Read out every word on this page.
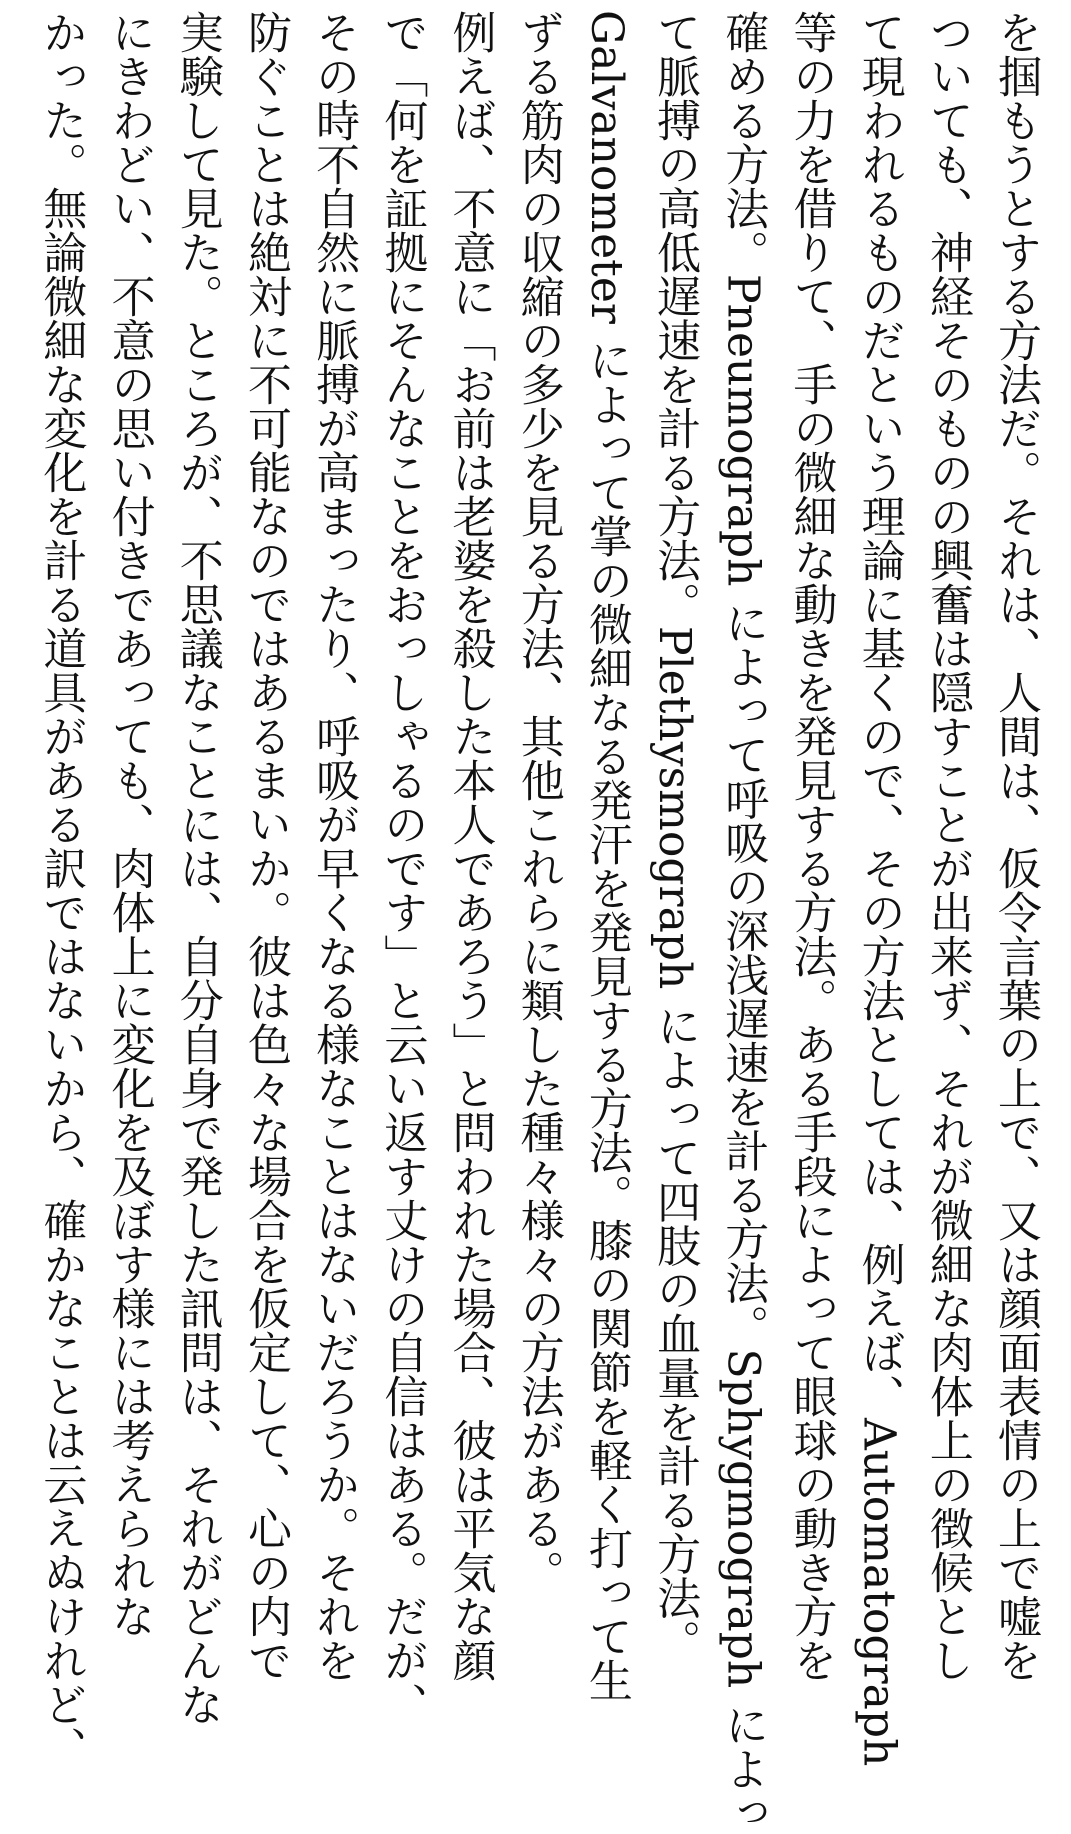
を掴もうとする方法だ。それは、人間は、仮令言葉の上で、又は顔面表情の上で嘘を
ついても、神経そのものの興奮は隠すことが出来ず、それが微細な肉体上の徴候とし
て現われるものだという理論に基くので、その方法としては、例えば、Automatograph
等の力を借りて、手の微細な動きを発見する方法。ある手段によって眼球の動き方を
確める方法。Pneumograph によって呼吸の深浅遅速を計る方法。Sphygmograph によっ
て脈搏の高低遅速を計る方法。Plethysmograph によって四肢の血量を計る方法。
Galvanometer によって掌の微細なる発汗を発見する方法。膝の関節を軽く打って生
ずる筋肉の収縮の多少を見る方法、其他これらに類した種々様々の方法がある。
例えば、不意に「お前は老婆を殺した本人であろう」と問われた場合、彼は平気な顔
で「何を証拠にそんなことをおっしゃるのです」と云い返す丈けの自信はある。だが、
その時不自然に脈搏が高まったり、呼吸が早くなる様なことはないだろうか。それを
防ぐことは絶対に不可能なのではあるまいか。彼は色々な場合を仮定して、心の内で
実験して見た。ところが、不思議なことには、自分自身で発した訊問は、それがどんな
にきわどい、不意の思い付きであっても、肉体上に変化を及ぼす様には考えられな
かった。無論微細な変化を計る道具がある訳ではないから、確かなことは云えぬけれど、
